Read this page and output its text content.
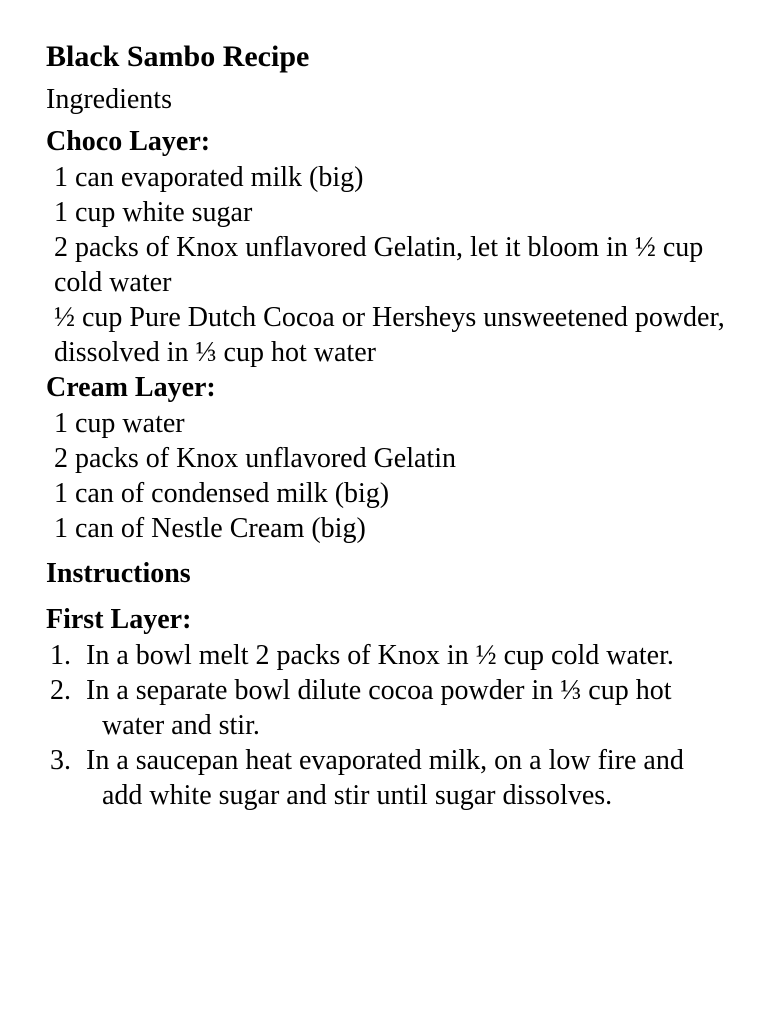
Black Sambo Recipe
Ingredients
Choco Layer:
1 can evaporated milk (big)
1 cup white sugar
2 packs of Knox unflavored Gelatin, let it bloom in ½ cup cold water
½ cup Pure Dutch Cocoa or Hersheys unsweetened powder, dissolved in ⅓ cup hot water
Cream Layer:
1 cup water
2 packs of Knox unflavored Gelatin
1 can of condensed milk (big)
1 can of Nestle Cream (big)
Instructions
First Layer:
1. In a bowl melt 2 packs of Knox in ½ cup cold water.
2. In a separate bowl dilute cocoa powder in ⅓ cup hot water and stir.
3. In a saucepan heat evaporated milk, on a low fire and add white sugar and stir until sugar dissolves.
